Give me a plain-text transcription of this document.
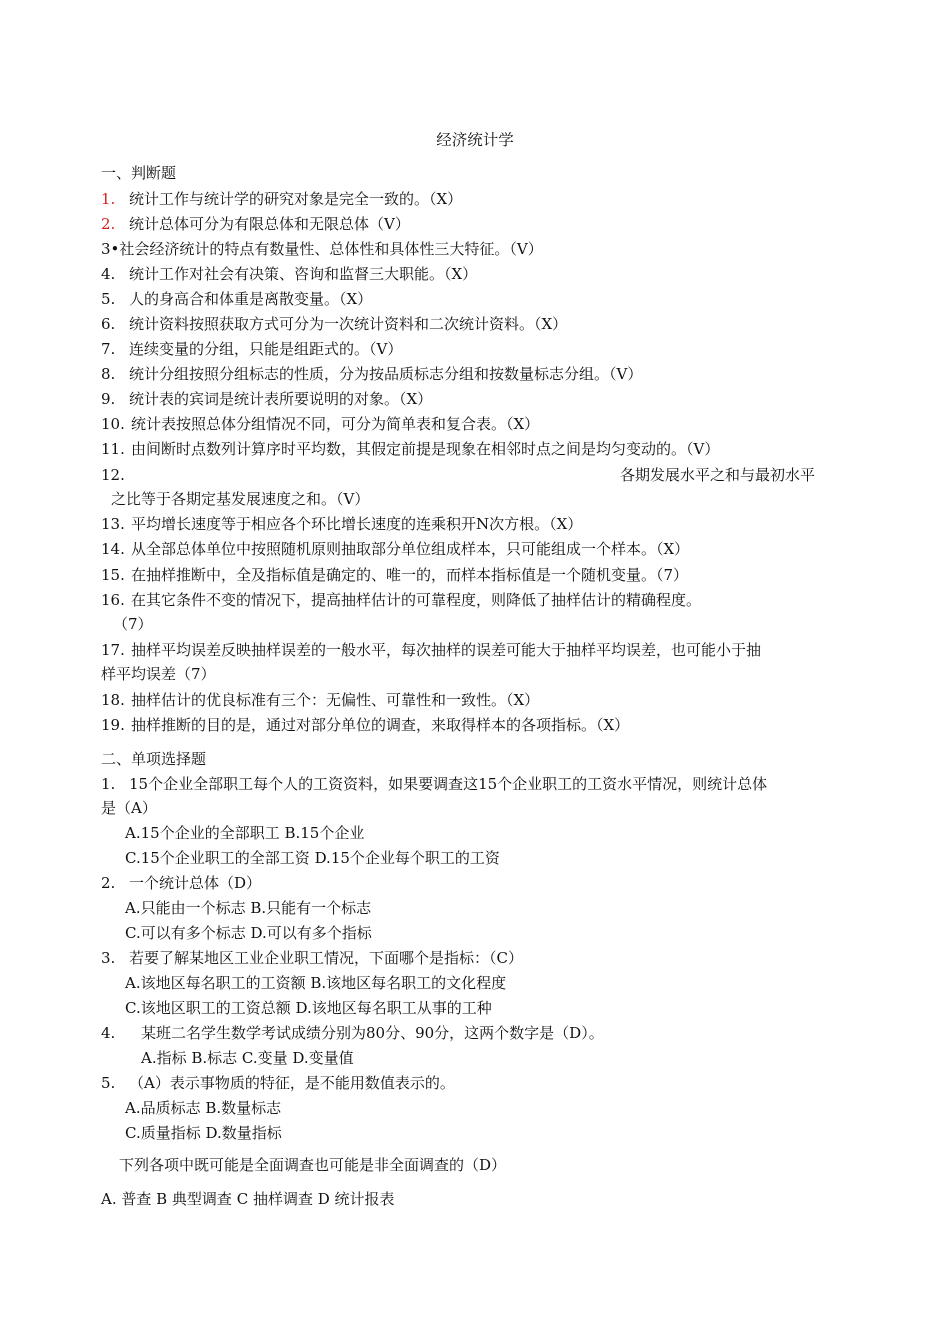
经济统计学
一、判断题
1. 统计工作与统计学的研究对象是完全一致的。（X）
2. 统计总体可分为有限总体和无限总体（V）
3•社会经济统计的特点有数量性、总体性和具体性三大特征。（V）
4. 统计工作对社会有决策、咨询和监督三大职能。（X）
5. 人的身高合和体重是离散变量。（X）
6. 统计资料按照获取方式可分为一次统计资料和二次统计资料。（X）
7. 连续变量的分组，只能是组距式的。（V）
8. 统计分组按照分组标志的性质，分为按品质标志分组和按数量标志分组。（V）
9. 统计表的宾词是统计表所要说明的对象。（X）
10. 统计表按照总体分组情况不同，可分为简单表和复合表。（X）
11. 由间断时点数列计算序时平均数，其假定前提是现象在相邻时点之间是均匀变动的。（V）
12.	各期发展水平之和与最初水平
之比等于各期定基发展速度之和。（V）
13. 平均增长速度等于相应各个环比增长速度的连乘积开N次方根。（X）
14. 从全部总体单位中按照随机原则抽取部分单位组成样本，只可能组成一个样本。（X）
15. 在抽样推断中，全及指标值是确定的、唯一的，而样本指标值是一个随机变量。（7）
16. 在其它条件不变的情况下，提高抽样估计的可靠程度，则降低了抽样估计的精确程度。
（7）
17. 抽样平均误差反映抽样误差的一般水平，每次抽样的误差可能大于抽样平均误差，也可能小于抽
样平均误差（7）
18. 抽样估计的优良标准有三个：无偏性、可靠性和一致性。（X）
19. 抽样推断的目的是，通过对部分单位的调查，来取得样本的各项指标。（X）
二、单项选择题
1. 15个企业全部职工每个人的工资资料，如果要调查这15个企业职工的工资水平情况，则统计总体
是（A）
A.15个企业的全部职工 B.15个企业
C.15个企业职工的全部工资 D.15个企业每个职工的工资
2. 一个统计总体（D）
A.只能由一个标志 B.只能有一个标志
C.可以有多个标志 D.可以有多个指标
3. 若要了解某地区工业企业职工情况，下面哪个是指标：（C）
A.该地区每名职工的工资额 B.该地区每名职工的文化程度
C.该地区职工的工资总额 D.该地区每名职工从事的工种
4. 某班二名学生数学考试成绩分别为80分、90分，这两个数字是（D）。
A.指标 B.标志 C.变量 D.变量值
5. （A）表示事物质的特征，是不能用数值表示的。
A.品质标志 B.数量标志
C.质量指标 D.数量指标
下列各项中既可能是全面调查也可能是非全面调查的（D）
A. 普查 B 典型调查 C 抽样调查 D 统计报表
